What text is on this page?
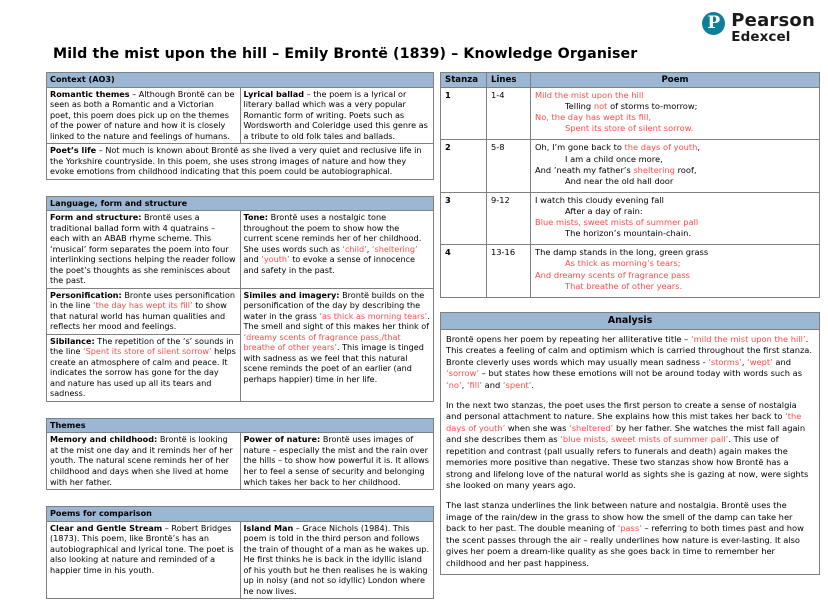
P Pearson
Edexcel
Mild the mist upon the hill – Emily Brontë (1839) – Knowledge Organiser
Context (AO3)
Romantic themes – Although Brontë can be seen as both a Romantic and a Victorian poet, this poem does pick up on the themes of the power of nature and how it is closely linked to the nature and feelings of humans.	Lyrical ballad – the poem is a lyrical or literary ballad which was a very popular Romantic form of writing. Poets such as Wordsworth and Coleridge used this genre as a tribute to old folk tales and ballads.
Poet’s life – Not much is known about Brontë as she lived a very quiet and reclusive life in the Yorkshire countryside. In this poem, she uses strong images of nature and how they evoke emotions from childhood indicating that this poem could be autobiographical.
Language, form and structure	
Form and structure: Brontë uses a traditional ballad form with 4 quatrains – each with an ABAB rhyme scheme. This ‘musical’ form separates the poem into four interlinking sections helping the reader follow the poet’s thoughts as she reminisces about the past.	Tone: Brontë uses a nostalgic tone throughout the poem to show how the current scene reminds her of her childhood. She uses words such as ‘child’, ‘sheltering’ and ‘youth’ to evoke a sense of innocence and safety in the past.
Personification: Bronte uses personification in the line ‘the day has wept its fill’ to show that natural world has human qualities and reflects her mood and feelings.	Similes and imagery: Brontë builds on the personification of the day by describing the water in the grass ‘as thick as morning tears’. The smell and sight of this makes her think of ‘dreamy scents of fragrance pass,/that breathe of other years’. This image is tinged with sadness as we feel that this natural scene reminds the poet of an earlier (and perhaps happier) time in her life.
Sibilance: The repetition of the ‘s’ sounds in the line ‘Spent its store of silent sorrow’ helps create an atmosphere of calm and peace. It indicates the sorrow has gone for the day and nature has used up all its tears and sadness.	
Themes
Memory and childhood: Brontë is looking at the mist one day and it reminds her of her youth. The natural scene reminds her of her childhood and days when she lived at home with her father.	Power of nature: Brontë uses images of nature – especially the mist and the rain over the hills – to show how powerful it is. It allows her to feel a sense of security and belonging which takes her back to her childhood.
Poems for comparison
Clear and Gentle Stream – Robert Bridges (1873). This poem, like Brontë’s has an autobiographical and lyrical tone. The poet is also looking at nature and reminded of a happier time in his youth.	Island Man – Grace Nichols (1984). This poem is told in the third person and follows the train of thought of a man as he wakes up. He first thinks he is back in the idyllic island of his youth but he then realises he is waking up in noisy (and not so idyllic) London where he now lives.
Stanza	Lines	Poem
1	1-4	Mild the mist upon the hill
Telling not of storms to-morrow;
No, the day has wept its fill,
Spent its store of silent sorrow.

2	5-8	Oh, I’m gone back to the days of youth,
I am a child once more,
And ’neath my father’s sheltering roof,
And near the old hall door

3	9-12	I watch this cloudy evening fall
After a day of rain:
Blue mists, sweet mists of summer pall
The horizon’s mountain-chain.

4	13-16	The damp stands in the long, green grass
As thick as morning’s tears;
And dreamy scents of fragrance pass
That breathe of other years.
Analysis

Brontë opens her poem by repeating her alliterative title – ‘mild the mist upon the hill’. This creates a feeling of calm and optimism which is carried throughout the first stanza. Bronte cleverly uses words which may usually mean sadness - ‘storms’, ‘wept’ and ‘sorrow’ – but states how these emotions will not be around today with words such as ‘no’, ‘fill’ and ‘spent’.

In the next two stanzas, the poet uses the first person to create a sense of nostalgia and personal attachment to nature. She explains how this mist takes her back to ‘the days of youth’ when she was ‘sheltered’ by her father. She watches the mist fall again and she describes them as ‘blue mists, sweet mists of summer pall’. This use of repetition and contrast (pall usually refers to funerals and death) again makes the memories more positive than negative. These two stanzas show how Brontë has a strong and lifelong love of the natural world as sights she is gazing at now, were sights she looked on many years ago.

The last stanza underlines the link between nature and nostalgia. Brontë uses the image of the rain/dew in the grass to show how the smell of the damp can take her back to her past. The double meaning of ‘pass’ – referring to both times past and how the scent passes through the air – really underlines how nature is ever-lasting. It also gives her poem a dream-like quality as she goes back in time to remember her childhood and her past happiness.
